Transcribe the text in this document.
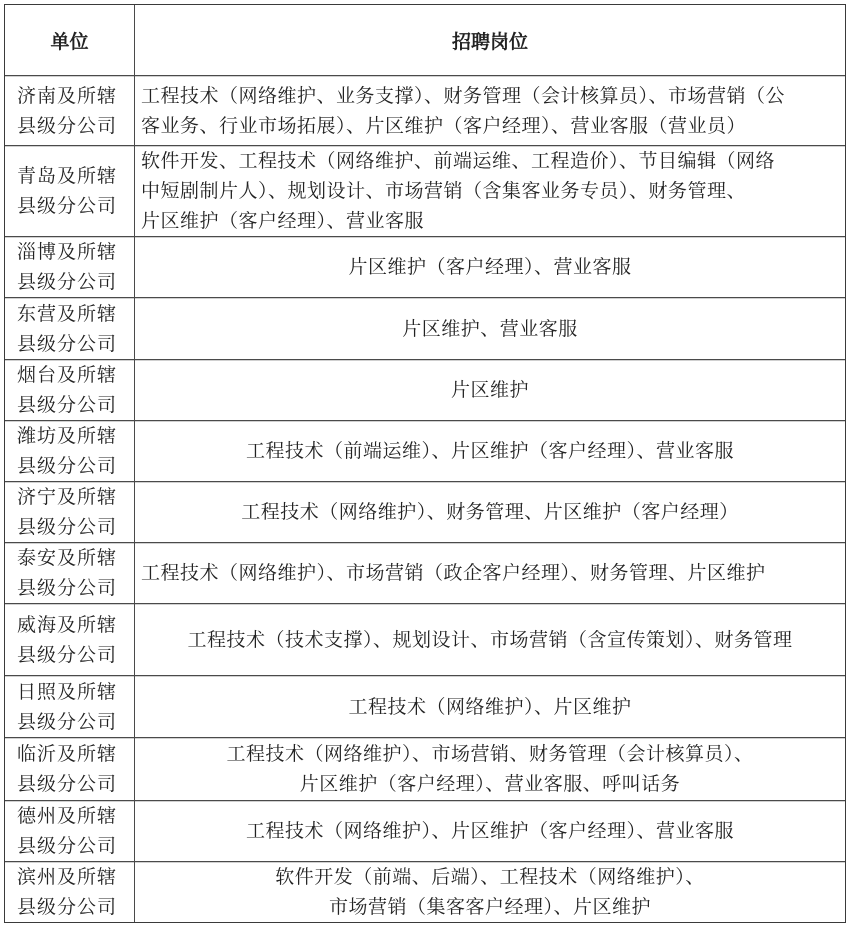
单位	招聘岗位

济南及所辖
县级分公司	工程技术（网络维护、业务支撑）、财务管理（会计核算员）、市场营销（公
客业务、行业市场拓展）、片区维护（客户经理）、营业客服（营业员）

青岛及所辖
县级分公司	软件开发、工程技术（网络维护、前端运维、工程造价）、节目编辑（网络
中短剧制片人）、规划设计、市场营销（含集客业务专员）、财务管理、
片区维护（客户经理）、营业客服

淄博及所辖
县级分公司	片区维护（客户经理）、营业客服

东营及所辖
县级分公司	片区维护、营业客服

烟台及所辖
县级分公司	片区维护

潍坊及所辖
县级分公司	工程技术（前端运维）、片区维护（客户经理）、营业客服

济宁及所辖
县级分公司	工程技术（网络维护）、财务管理、片区维护（客户经理）

泰安及所辖
县级分公司	工程技术（网络维护）、市场营销（政企客户经理）、财务管理、片区维护

威海及所辖
县级分公司	工程技术（技术支撑）、规划设计、市场营销（含宣传策划）、财务管理

日照及所辖
县级分公司	工程技术（网络维护）、片区维护

临沂及所辖
县级分公司	工程技术（网络维护）、市场营销、财务管理（会计核算员）、
片区维护（客户经理）、营业客服、呼叫话务

德州及所辖
县级分公司	工程技术（网络维护）、片区维护（客户经理）、营业客服

滨州及所辖
县级分公司	软件开发（前端、后端）、工程技术（网络维护）、
市场营销（集客客户经理）、片区维护
